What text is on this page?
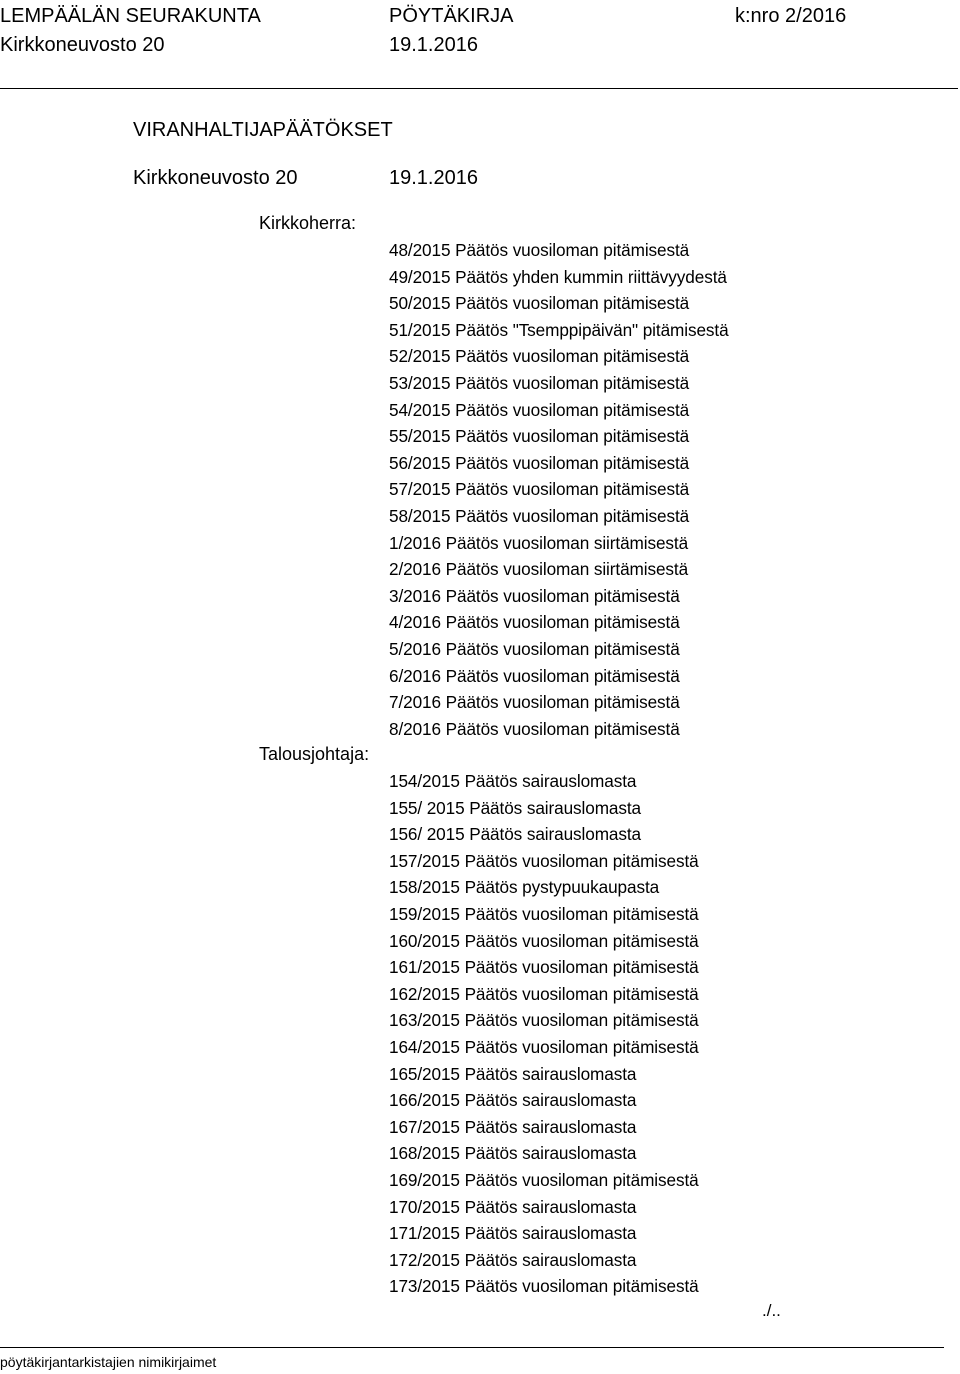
LEMPÄÄLÄN SEURAKUNTA	PÖYTÄKIRJA	k:nro 2/2016
Kirkkoneuvosto 20	19.1.2016
VIRANHALTIJAPÄÄTÖKSET
Kirkkoneuvosto 20	19.1.2016
Kirkkoherra:
48/2015 Päätös vuosiloman pitämisestä
49/2015 Päätös yhden kummin riittävyydestä
50/2015 Päätös vuosiloman pitämisestä
51/2015 Päätös "Tsemppipäivän" pitämisestä
52/2015 Päätös vuosiloman pitämisestä
53/2015 Päätös vuosiloman pitämisestä
54/2015 Päätös vuosiloman pitämisestä
55/2015 Päätös vuosiloman pitämisestä
56/2015 Päätös vuosiloman pitämisestä
57/2015 Päätös vuosiloman pitämisestä
58/2015 Päätös vuosiloman pitämisestä
1/2016 Päätös vuosiloman siirtämisestä
2/2016 Päätös vuosiloman siirtämisestä
3/2016 Päätös vuosiloman pitämisestä
4/2016 Päätös vuosiloman pitämisestä
5/2016 Päätös vuosiloman pitämisestä
6/2016 Päätös vuosiloman pitämisestä
7/2016 Päätös vuosiloman pitämisestä
8/2016 Päätös vuosiloman pitämisestä
Talousjohtaja:
154/2015 Päätös sairauslomasta
155/ 2015 Päätös sairauslomasta
156/ 2015 Päätös sairauslomasta
157/2015 Päätös vuosiloman pitämisestä
158/2015 Päätös pystypuukaupasta
159/2015 Päätös vuosiloman pitämisestä
160/2015 Päätös vuosiloman pitämisestä
161/2015 Päätös vuosiloman pitämisestä
162/2015 Päätös vuosiloman pitämisestä
163/2015 Päätös vuosiloman pitämisestä
164/2015 Päätös vuosiloman pitämisestä
165/2015 Päätös sairauslomasta
166/2015 Päätös sairauslomasta
167/2015 Päätös sairauslomasta
168/2015 Päätös sairauslomasta
169/2015 Päätös vuosiloman pitämisestä
170/2015 Päätös sairauslomasta
171/2015 Päätös sairauslomasta
172/2015 Päätös sairauslomasta
173/2015 Päätös vuosiloman pitämisestä
./..
pöytäkirjantarkistajien nimikirjaimet
